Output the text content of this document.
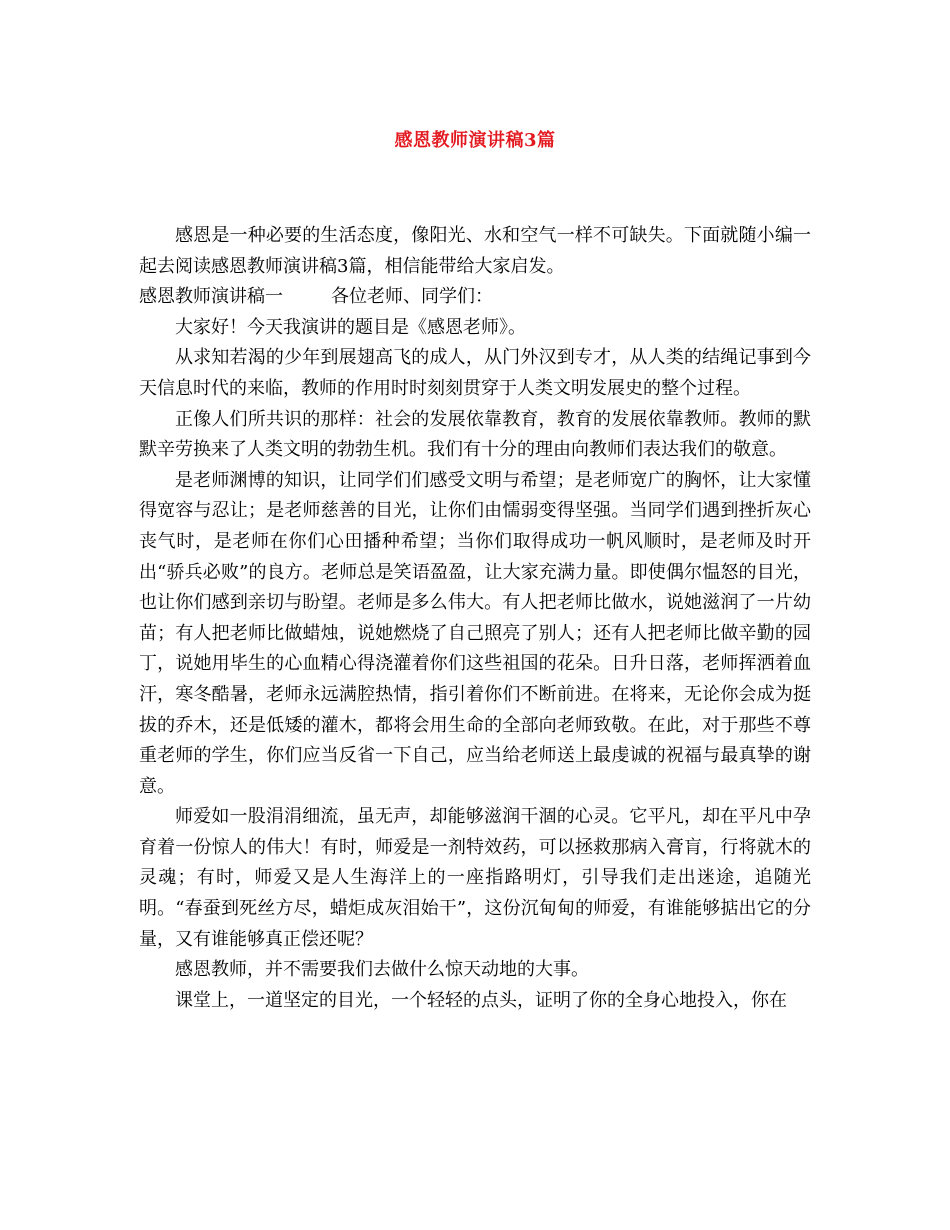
感恩教师演讲稿3篇

感恩是一种必要的生活态度，像阳光、水和空气一样不可缺失。下面就随小编一起去阅读感恩教师演讲稿3篇，相信能带给大家启发。

感恩教师演讲稿一	各位老师、同学们：

大家好！今天我演讲的题目是《感恩老师》。

从求知若渴的少年到展翅高飞的成人，从门外汉到专才，从人类的结绳记事到今天信息时代的来临，教师的作用时时刻刻贯穿于人类文明发展史的整个过程。

正像人们所共识的那样：社会的发展依靠教育，教育的发展依靠教师。教师的默默辛劳换来了人类文明的勃勃生机。我们有十分的理由向教师们表达我们的敬意。

是老师渊博的知识，让同学们们感受文明与希望；是老师宽广的胸怀，让大家懂得宽容与忍让；是老师慈善的目光，让你们由懦弱变得坚强。当同学们遇到挫折灰心丧气时，是老师在你们心田播种希望；当你们取得成功一帆风顺时，是老师及时开出“骄兵必败”的良方。老师总是笑语盈盈，让大家充满力量。即使偶尔愠怒的目光，也让你们感到亲切与盼望。老师是多么伟大。有人把老师比做水，说她滋润了一片幼苗；有人把老师比做蜡烛，说她燃烧了自己照亮了别人；还有人把老师比做辛勤的园丁，说她用毕生的心血精心得浇灌着你们这些祖国的花朵。日升日落，老师挥洒着血汗，寒冬酷暑，老师永远满腔热情，指引着你们不断前进。在将来，无论你会成为挺拔的乔木，还是低矮的灌木，都将会用生命的全部向老师致敬。在此，对于那些不尊重老师的学生，你们应当反省一下自己，应当给老师送上最虔诚的祝福与最真挚的谢意。

师爱如一股涓涓细流，虽无声，却能够滋润干涸的心灵。它平凡，却在平凡中孕育着一份惊人的伟大！有时，师爱是一剂特效药，可以拯救那病入膏肓，行将就木的灵魂；有时，师爱又是人生海洋上的一座指路明灯，引导我们走出迷途，追随光明。“春蚕到死丝方尽，蜡炬成灰泪始干”，这份沉甸甸的师爱，有谁能够掂出它的分量，又有谁能够真正偿还呢？

感恩教师，并不需要我们去做什么惊天动地的大事。

课堂上，一道坚定的目光，一个轻轻的点头，证明了你的全身心地投入，你在
